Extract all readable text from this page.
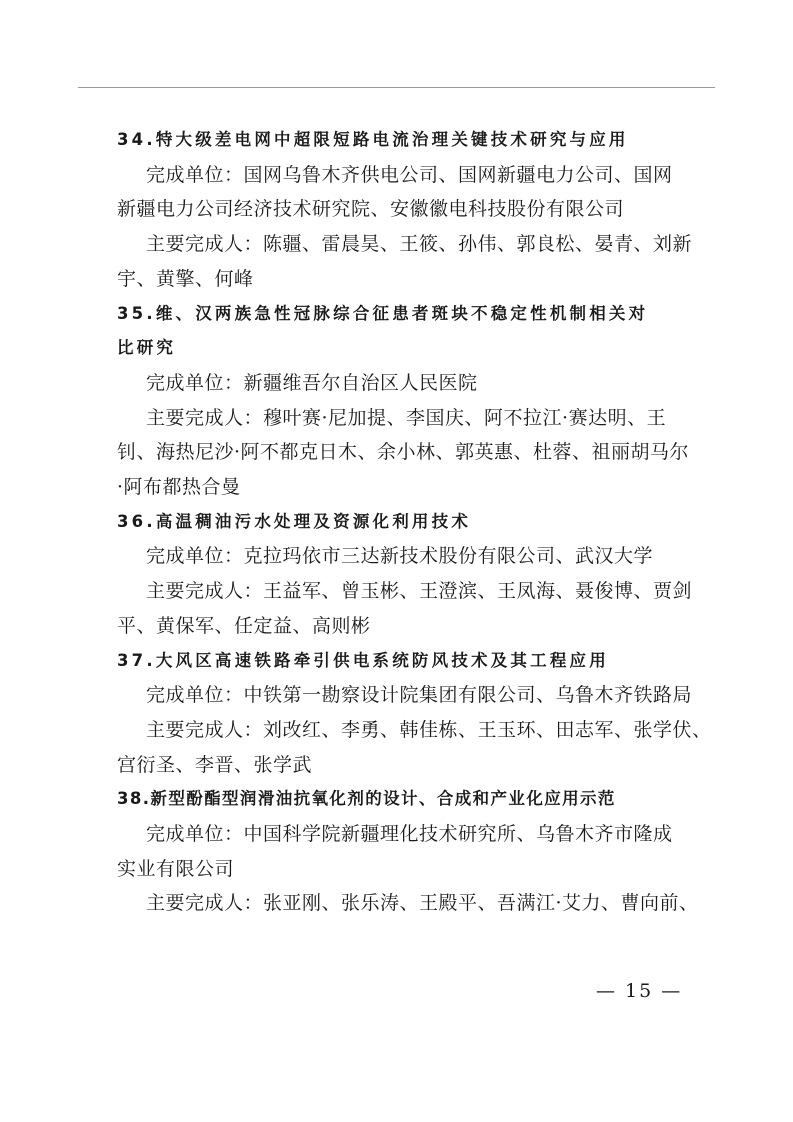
34.特大级差电网中超限短路电流治理关键技术研究与应用
完成单位：国网乌鲁木齐供电公司、国网新疆电力公司、国网
新疆电力公司经济技术研究院、安徽徽电科技股份有限公司
主要完成人：陈疆、雷晨昊、王筱、孙伟、郭良松、晏青、刘新
宇、黄擎、何峰
35.维、汉两族急性冠脉综合征患者斑块不稳定性机制相关对
比研究
完成单位：新疆维吾尔自治区人民医院
主要完成人：穆叶赛·尼加提、李国庆、阿不拉江·赛达明、王
钊、海热尼沙·阿不都克日木、余小林、郭英惠、杜蓉、祖丽胡马尔
·阿布都热合曼
36.高温稠油污水处理及资源化利用技术
完成单位：克拉玛依市三达新技术股份有限公司、武汉大学
主要完成人：王益军、曾玉彬、王澄滨、王凤海、聂俊博、贾剑
平、黄保军、任定益、高则彬
37.大风区高速铁路牵引供电系统防风技术及其工程应用
完成单位：中铁第一勘察设计院集团有限公司、乌鲁木齐铁路局
主要完成人：刘改红、李勇、韩佳栋、王玉环、田志军、张学伏、
宫衍圣、李晋、张学武
38.新型酚酯型润滑油抗氧化剂的设计、合成和产业化应用示范
完成单位：中国科学院新疆理化技术研究所、乌鲁木齐市隆成
实业有限公司
主要完成人：张亚刚、张乐涛、王殿平、吾满江·艾力、曹向前、
— 15 —
